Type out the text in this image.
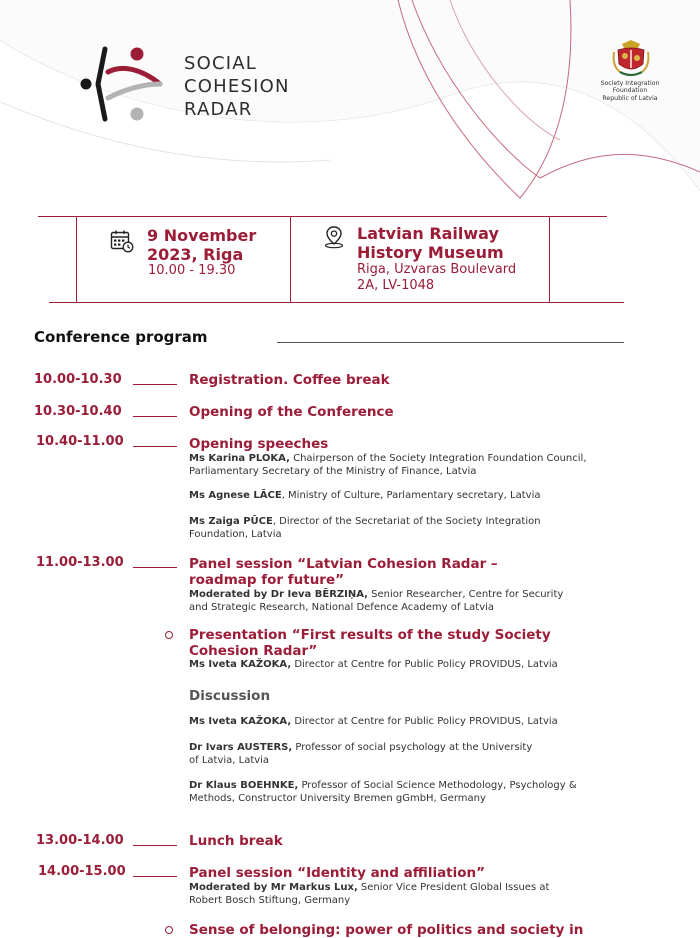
SOCIAL
COHESION
RADAR
Society Integration
Foundation
Republic of Latvia
9 November
2023, Riga
10.00 - 19.30
Latvian Railway
History Museum
Riga, Uzvaras Boulevard
2A, LV-1048
Conference program
10.00-10.30	Registration. Coffee break
10.30-10.40	Opening of the Conference
10.40-11.00	Opening speeches
Ms Karina PLOKA, Chairperson of the Society Integration Foundation Council,
Parliamentary Secretary of the Ministry of Finance, Latvia
Ms Agnese LĀCE, Ministry of Culture, Parlamentary secretary, Latvia
Ms Zaiga PŪCE, Director of the Secretariat of the Society Integration
Foundation, Latvia
11.00-13.00	Panel session “Latvian Cohesion Radar –
roadmap for future”
Moderated by Dr Ieva BĒRZIŅA, Senior Researcher, Centre for Security
and Strategic Research, National Defence Academy of Latvia
Presentation “First results of the study Society
Cohesion Radar”
Ms Iveta KAŽOKA, Director at Centre for Public Policy PROVIDUS, Latvia
Discussion
Ms Iveta KAŽOKA, Director at Centre for Public Policy PROVIDUS, Latvia
Dr Ivars AUSTERS, Professor of social psychology at the University
of Latvia, Latvia
Dr Klaus BOEHNKE, Professor of Social Science Methodology, Psychology &
Methods, Constructor University Bremen gGmbH, Germany
13.00-14.00	Lunch break
14.00-15.00	Panel session “Identity and affiliation”
Moderated by Mr Markus Lux, Senior Vice President Global Issues at
Robert Bosch Stiftung, Germany
Sense of belonging: power of politics and society in
